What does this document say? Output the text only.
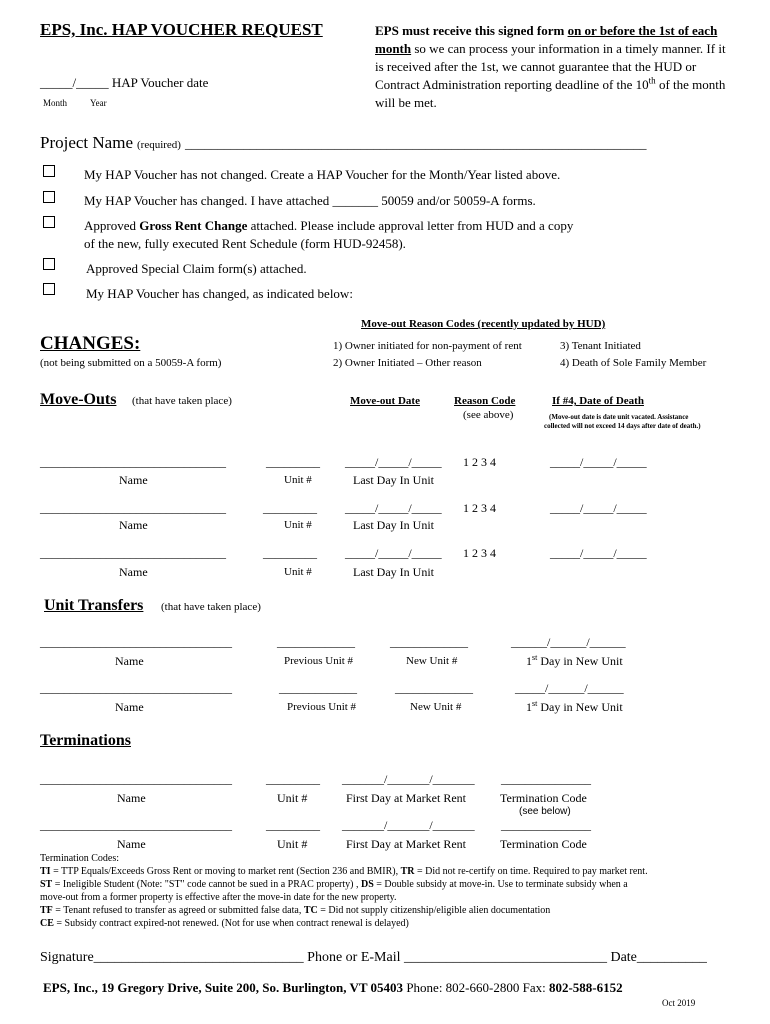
EPS, Inc. HAP VOUCHER REQUEST
_____/_____ HAP Voucher date
Month	Year
EPS must receive this signed form on or before the 1st of each month so we can process your information in a timely manner. If it is received after the 1st, we cannot guarantee that the HUD or Contract Administration reporting deadline of the 10th of the month will be met.
Project Name (required) _______________________________________________________________________
My HAP Voucher has not changed. Create a HAP Voucher for the Month/Year listed above.
My HAP Voucher has changed. I have attached _______ 50059 and/or 50059-A forms.
Approved Gross Rent Change attached. Please include approval letter from HUD and a copy
of the new, fully executed Rent Schedule (form HUD-92458).
Approved Special Claim form(s) attached.
My HAP Voucher has changed, as indicated below:
CHANGES:
(not being submitted on a 50059-A form)
Move-out Reason Codes (recently updated by HUD)
1) Owner initiated for non-payment of rent
2) Owner Initiated – Other reason
3) Tenant Initiated
4) Death of Sole Family Member
Move-Outs (that have taken place)	Move-out Date	Reason Code
(see above)
If #4, Date of Death
(Move-out date is date unit vacated. Assistance
collected will not exceed 14 days after date of death.)
_______________________________	_________ _____/_____/_____ 1 2 3 4	_____/_____/_____
Name	Unit #	Last Day In Unit
_______________________________	_________ _____/_____/_____ 1 2 3 4	_____/_____/_____
Name	Unit #	Last Day In Unit
_______________________________	_________ _____/_____/_____ 1 2 3 4	_____/_____/_____
Name	Unit #	Last Day In Unit
Unit Transfers (that have taken place)
________________________________	_____________	_____________	______/______/______
Name	Previous Unit #	New Unit #	1st Day in New Unit
________________________________	_____________	_____________	_____/______/______
Name	Previous Unit #	New Unit #	1st Day in New Unit
Terminations
________________________________	_________ _______/_______/_______ _______________
Name	Unit #	First Day at Market Rent	Termination Code
(see below)
________________________________	_________ _______/_______/_______ _______________
Name	Unit #	First Day at Market Rent	Termination Code
Termination Codes:
TI = TTP Equals/Exceeds Gross Rent or moving to market rent (Section 236 and BMIR), TR = Did not re-certify on time. Required to pay market rent.
ST = Ineligible Student (Note: "ST" code cannot be sued in a PRAC property) , DS = Double subsidy at move-in. Use to terminate subsidy when a
move-out from a former property is effective after the move-in date for the new property.
TF = Tenant refused to transfer as agreed or submitted false data, TC = Did not supply citizenship/eligible alien documentation
CE = Subsidy contract expired-not renewed. (Not for use when contract renewal is delayed)
Signature______________________________ Phone or E-Mail _____________________________ Date__________
EPS, Inc., 19 Gregory Drive, Suite 200, So. Burlington, VT 05403 Phone: 802-660-2800 Fax: 802-588-6152
Oct 2019
